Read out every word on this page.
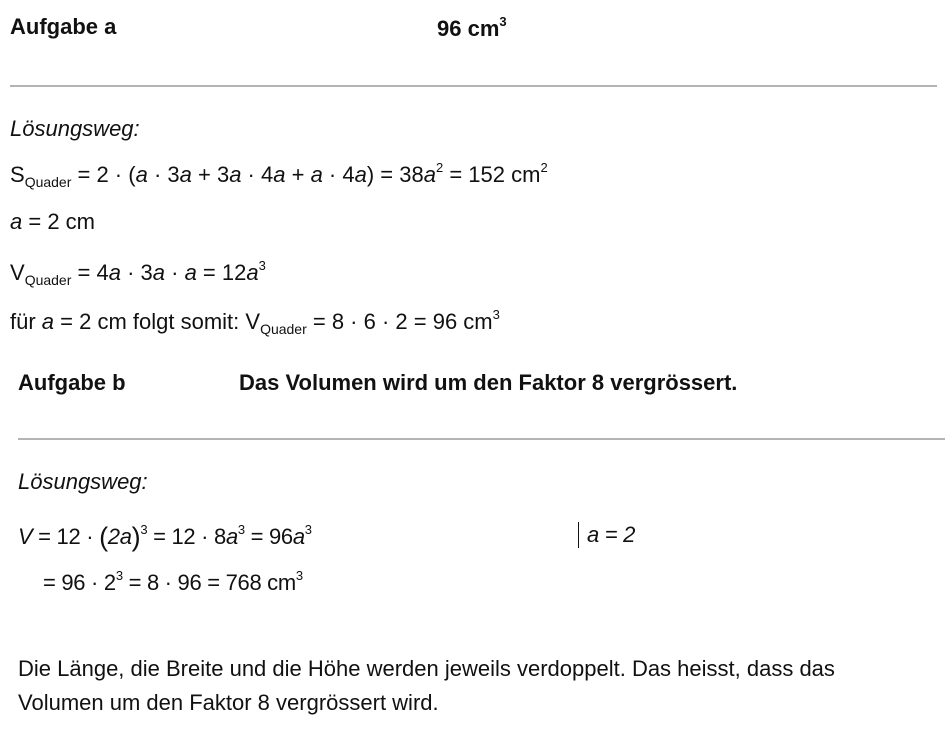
Aufgabe a	96 $cm^3$
Lösungsweg:
$S_{Quader} = 2 \cdot (a \cdot 3a + 3a \cdot 4a + a \cdot 4a) = 38a^2 = 152$ $cm^2$
a = 2 cm
$V_{Quader} = 4a \cdot 3a \cdot a = 12a^3$
für a = 2 cm folgt somit: $V_{Quader} = 8 \cdot 6 \cdot 2 = 96$ $cm^3$
Aufgabe b	Das Volumen wird um den Faktor 8 vergrössert.
Lösungsweg:
$V = 12 \cdot (2a)^3 = 12 \cdot 8a^3 = 96a^3$	a = 2
= $96 \cdot 2^3 = 8 \cdot 96 = 768$ $cm^3$
Die Länge, die Breite und die Höhe werden jeweils verdoppelt. Das heisst, dass das
Volumen um den Faktor 8 vergrössert wird.
